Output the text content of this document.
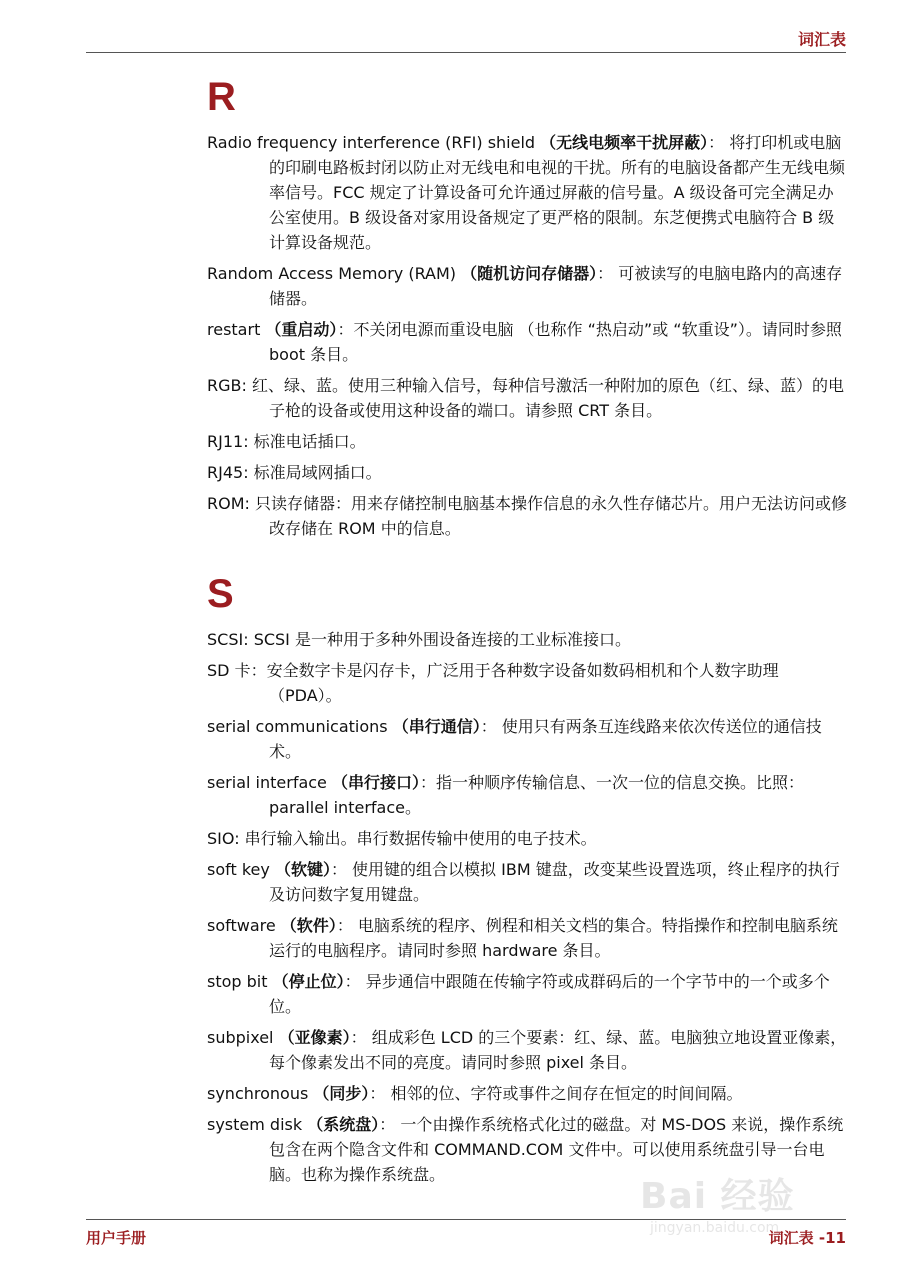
词汇表
R
Radio frequency interference (RFI) shield （无线电频率干扰屏蔽）： 将打印机或电脑的印刷电路板封闭以防止对无线电和电视的干扰。所有的电脑设备都产生无线电频率信号。FCC 规定了计算设备可允许通过屏蔽的信号量。A 级设备可完全满足办公室使用。B 级设备对家用设备规定了更严格的限制。东芝便携式电脑符合 B 级计算设备规范。
Random Access Memory (RAM) （随机访问存储器）： 可被读写的电脑电路内的高速存储器。
restart （重启动）：不关闭电源而重设电脑 （也称作 “热启动”或 “软重设”）。请同时参照 boot 条目。
RGB: 红、绿、蓝。使用三种输入信号，每种信号激活一种附加的原色（红、绿、蓝）的电子枪的设备或使用这种设备的端口。请参照 CRT 条目。
RJ11: 标准电话插口。
RJ45: 标准局域网插口。
ROM: 只读存储器：用来存储控制电脑基本操作信息的永久性存储芯片。用户无法访问或修改存储在 ROM 中的信息。
S
SCSI: SCSI 是一种用于多种外围设备连接的工业标准接口。
SD 卡：安全数字卡是闪存卡，广泛用于各种数字设备如数码相机和个人数字助理 （PDA）。
serial communications （串行通信）： 使用只有两条互连线路来依次传送位的通信技术。
serial interface （串行接口）：指一种顺序传输信息、一次一位的信息交换。比照：parallel interface。
SIO: 串行输入输出。串行数据传输中使用的电子技术。
soft key （软键）： 使用键的组合以模拟 IBM 键盘，改变某些设置选项，终止程序的执行及访问数字复用键盘。
software （软件）： 电脑系统的程序、例程和相关文档的集合。特指操作和控制电脑系统运行的电脑程序。请同时参照 hardware 条目。
stop bit （停止位）： 异步通信中跟随在传输字符或成群码后的一个字节中的一个或多个位。
subpixel （亚像素）： 组成彩色 LCD 的三个要素：红、绿、蓝。电脑独立地设置亚像素，每个像素发出不同的亮度。请同时参照 pixel 条目。
synchronous （同步）： 相邻的位、字符或事件之间存在恒定的时间间隔。
system disk （系统盘）： 一个由操作系统格式化过的磁盘。对 MS-DOS 来说，操作系统包含在两个隐含文件和 COMMAND.COM 文件中。可以使用系统盘引导一台电脑。也称为操作系统盘。
Bai 经验
jingyan.baidu.com
用户手册	词汇表 -11
